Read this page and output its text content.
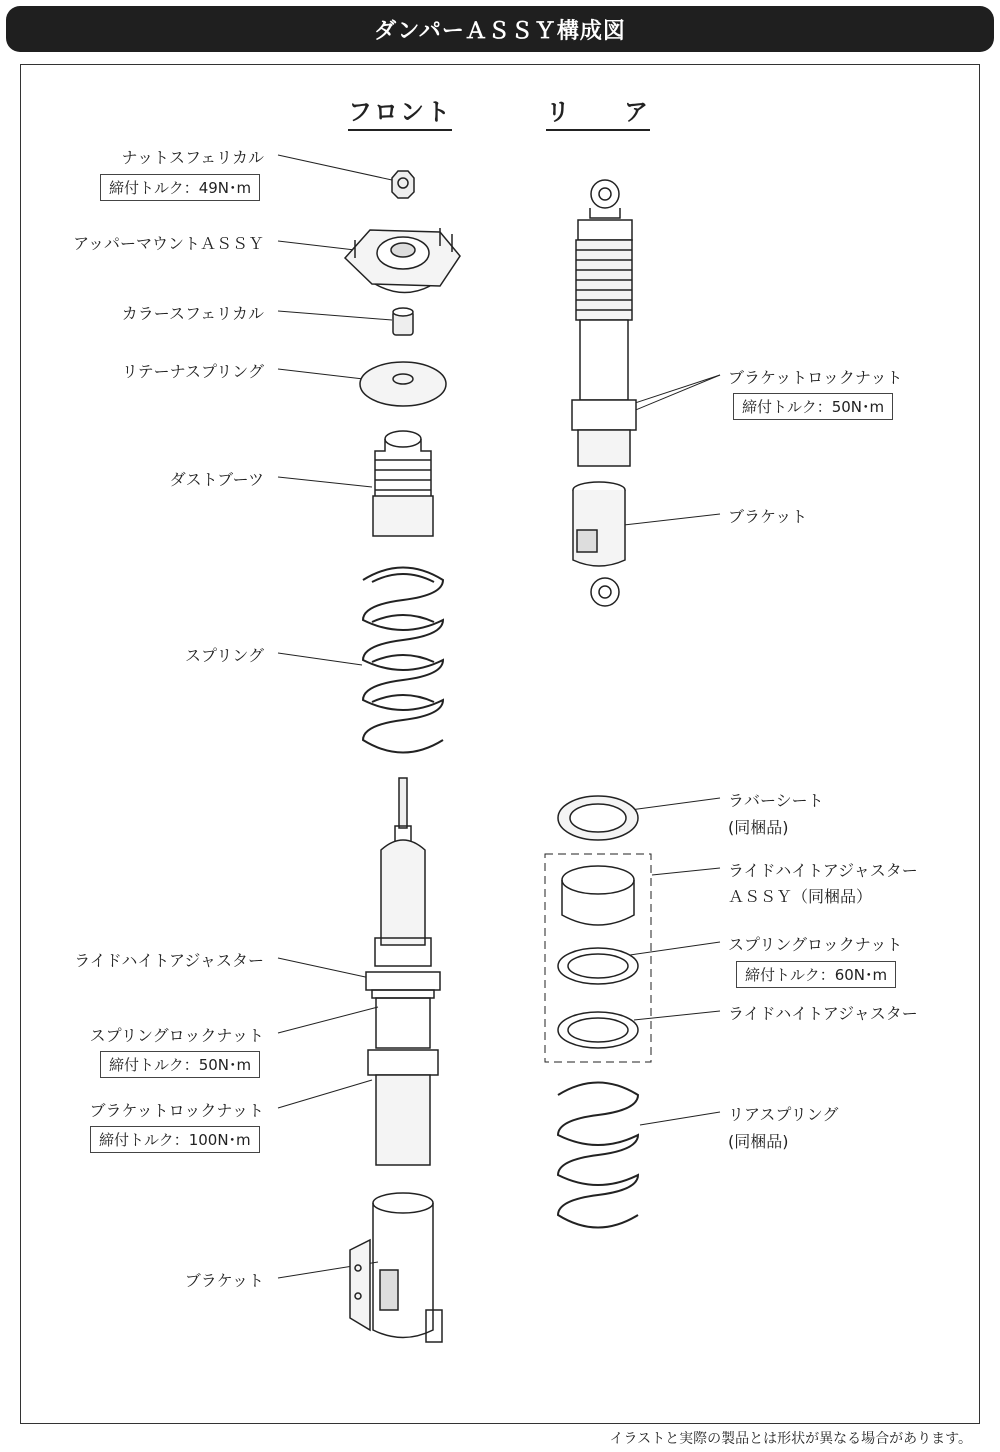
ダンパーＡＳＳＹ構成図
フロント	リ　　ア
ナットスフェリカル
締付トルク：49N･m
アッパーマウントＡＳＳＹ
カラースフェリカル
リテーナスプリング
ダストブーツ
スプリング
ライドハイトアジャスター
スプリングロックナット
締付トルク：50N･m
ブラケットロックナット
締付トルク：100N･m
ブラケット
ブラケットロックナット
締付トルク：50N･m
ブラケット
ラバーシート
(同梱品)
ライドハイトアジャスター
ＡＳＳＹ（同梱品）
スプリングロックナット
締付トルク：60N･m
ライドハイトアジャスター
リアスプリング
(同梱品)
イラストと実際の製品とは形状が異なる場合があります。
